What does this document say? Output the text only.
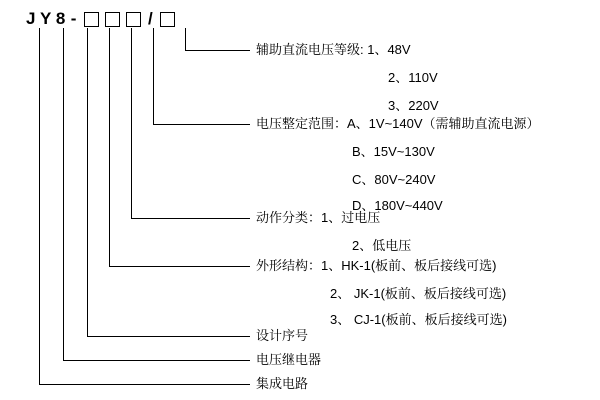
J Y 8 -	/
辅助直流电压等级: 1、48V
2、110V
3、220V
电压整定范围：A、1V~140V（需辅助直流电源）
B、15V~130V
C、80V~240V
D、180V~440V
动作分类：1、过电压
2、低电压
外形结构：1、HK-1(板前、板后接线可选)
2、 JK-1(板前、板后接线可选)
3、 CJ-1(板前、板后接线可选)
设计序号
电压继电器
集成电路
